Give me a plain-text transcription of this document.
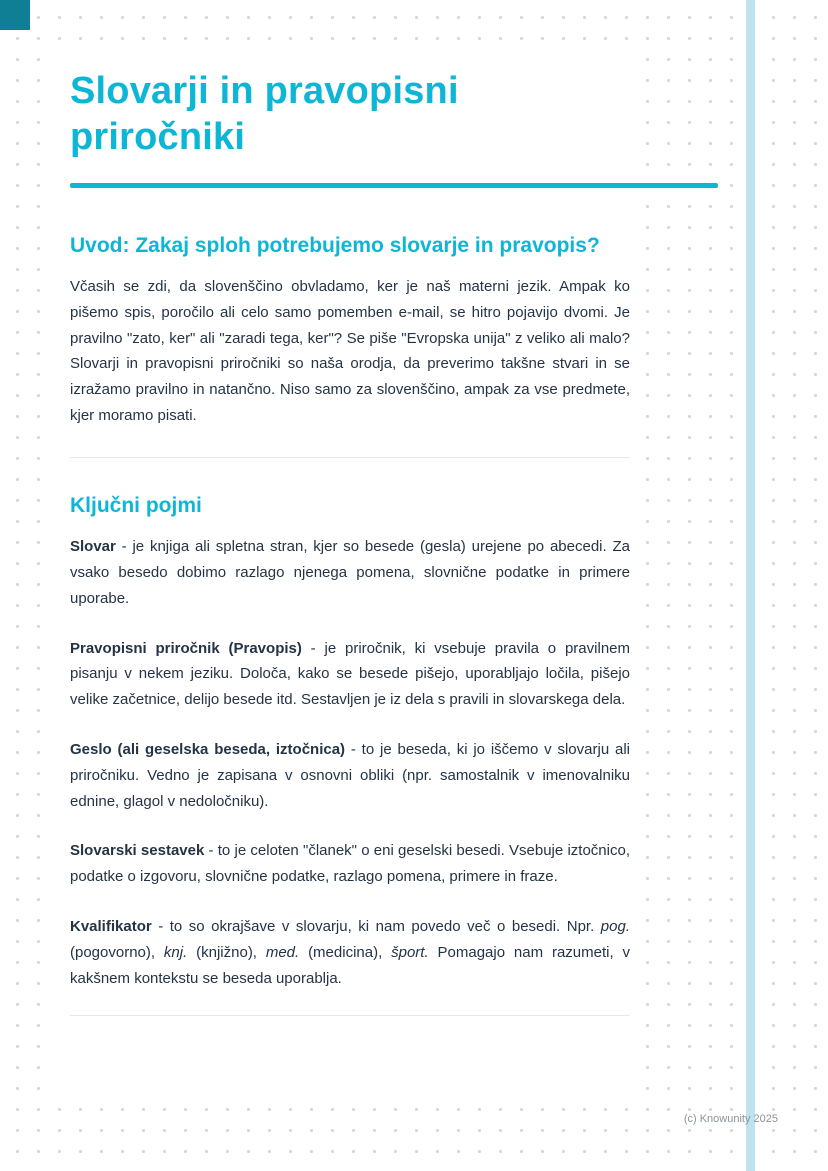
Slovarji in pravopisni priročniki
Uvod: Zakaj sploh potrebujemo slovarje in pravopis?

Včasih se zdi, da slovenščino obvladamo, ker je naš materni jezik. Ampak ko pišemo spis, poročilo ali celo samo pomemben e-mail, se hitro pojavijo dvomi. Je pravilno "zato, ker" ali "zaradi tega, ker"? Se piše "Evropska unija" z veliko ali malo? Slovarji in pravopisni priročniki so naša orodja, da preverimo takšne stvari in se izražamo pravilno in natančno. Niso samo za slovenščino, ampak za vse predmete, kjer moramo pisati.

Ključni pojmi

Slovar - je knjiga ali spletna stran, kjer so besede (gesla) urejene po abecedi. Za vsako besedo dobimo razlago njenega pomena, slovnične podatke in primere uporabe.

Pravopisni priročnik (Pravopis) - je priročnik, ki vsebuje pravila o pravilnem pisanju v nekem jeziku. Določa, kako se besede pišejo, uporabljajo ločila, pišejo velike začetnice, delijo besede itd. Sestavljen je iz dela s pravili in slovarskega dela.

Geslo (ali geselska beseda, iztočnica) - to je beseda, ki jo iščemo v slovarju ali priročniku. Vedno je zapisana v osnovni obliki (npr. samostalnik v imenovalniku ednine, glagol v nedoločniku).

Slovarski sestavek - to je celoten "članek" o eni geselski besedi. Vsebuje iztočnico, podatke o izgovoru, slovnične podatke, razlago pomena, primere in fraze.

Kvalifikator - to so okrajšave v slovarju, ki nam povedo več o besedi. Npr. pog. (pogovorno), knj. (knjižno), med. (medicina), šport. Pomagajo nam razumeti, v kakšnem kontekstu se beseda uporablja.

(c) Knowunity 2025
